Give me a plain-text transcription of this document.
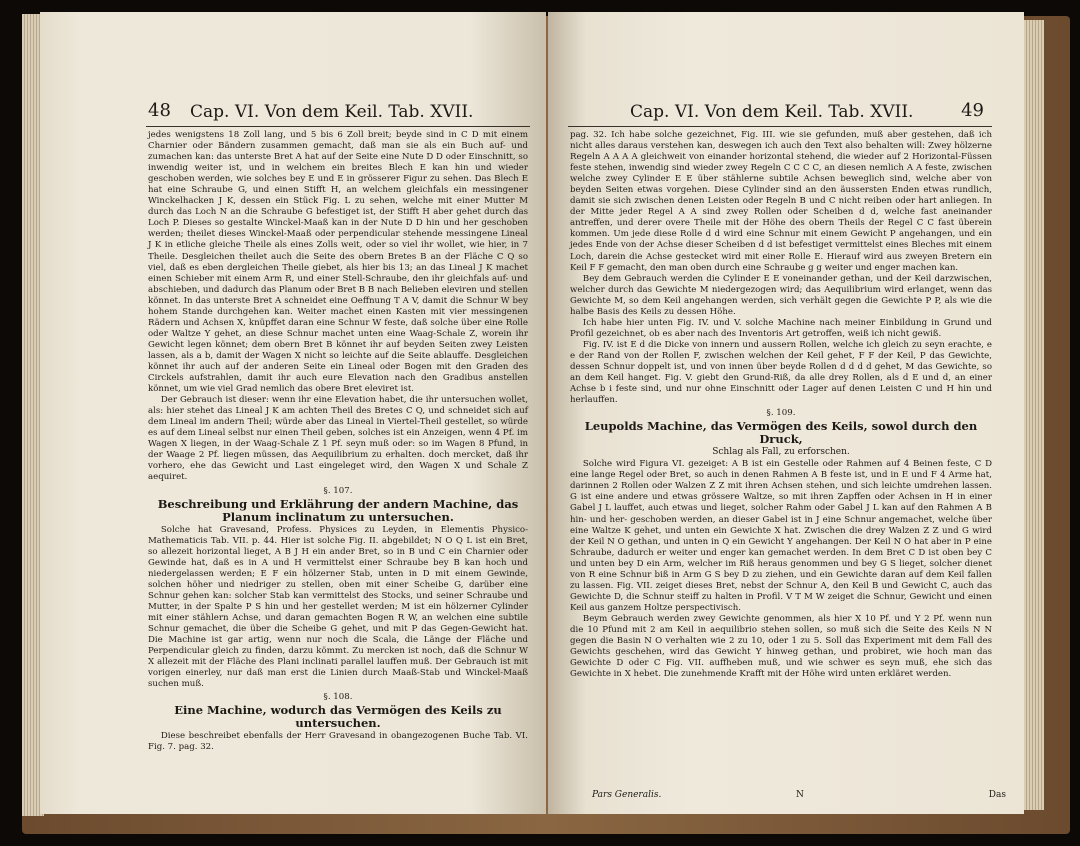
48 Cap. VI. Von dem Keil. Tab. XVII.

jedes wenigstens 18 Zoll lang, und 5 bis 6 Zoll breit; beyde sind in C D mit einem Charnier oder Bändern zusammen gemacht, daß man sie als ein Buch auf- und zumachen kan: das unterste Bret A hat auf der Seite eine Nute D D oder Einschnitt, so inwendig weiter ist, und in welchem ein breites Blech E kan hin und wieder geschoben werden, wie solches bey E und E in grösserer Figur zu sehen. Das Blech E hat eine Schraube G, und einen Stifft H, an welchem gleichfals ein messingener Winckelhacken J K, dessen ein Stück Fig. L zu sehen, welche mit einer Mutter M durch das Loch N an die Schraube G befestiget ist, der Stifft H aber gehet durch das Loch P. Dieses so gestalte Winckel-Maaß kan in der Nute D D hin und her geschoben werden; theilet dieses Winckel-Maaß oder perpendicular stehende messingene Lineal J K in etliche gleiche Theile als eines Zolls weit, oder so viel ihr wollet, wie hier, in 7 Theile. Desgleichen theilet auch die Seite des obern Bretes B an der Fläche C Q so viel, daß es eben dergleichen Theile giebet, als hier bis 13; an das Lineal J K machet einen Schieber mit einem Arm R, und einer Stell-Schraube, den ihr gleichfals auf- und abschieben, und dadurch das Planum oder Bret B B nach Belieben eleviren und stellen könnet. In das unterste Bret A schneidet eine Oeffnung T A V, damit die Schnur W bey hohem Stande durchgehen kan. Weiter machet einen Kasten mit vier messingenen Rädern und Achsen X, knüpffet daran eine Schnur W feste, daß solche über eine Rolle oder Waltze Y gehet, an diese Schnur machet unten eine Waag-Schale Z, worein ihr Gewicht legen könnet; dem obern Bret B könnet ihr auf beyden Seiten zwey Leisten lassen, als a b, damit der Wagen X nicht so leichte auf die Seite ablauffe. Desgleichen könnet ihr auch auf der anderen Seite ein Lineal oder Bogen mit den Graden des Circkels aufstrahlen, damit ihr auch eure Elevation nach den Gradibus anstellen könnet, um wie viel Grad nemlich das obere Bret eleviret ist.

Der Gebrauch ist dieser: wenn ihr eine Elevation habet, die ihr untersuchen wollet, als: hier stehet das Lineal J K am achten Theil des Bretes C Q, und schneidet sich auf dem Lineal im andern Theil; würde aber das Lineal in Viertel-Theil gestellet, so würde es auf dem Lineal selbst nur einen Theil geben, solches ist ein Anzeigen, wenn 4 Pf. im Wagen X liegen, in der Waag-Schale Z 1 Pf. seyn muß oder: so im Wagen 8 Pfund, in der Waage 2 Pf. liegen müssen, das Aequilibrium zu erhalten. doch mercket, daß ihr vorhero, ehe das Gewicht und Last eingeleget wird, den Wagen X und Schale Z aequiret.

§. 107.
Beschreibung und Erklährung der andern Machine, das Planum inclinatum zu untersuchen.

Solche hat Gravesand, Profess. Physices zu Leyden, in Elementis Physico-Mathematicis Tab. VII. p. 44. Hier ist solche Fig. II. abgebildet; N O Q L ist ein Bret, so allezeit horizontal lieget, A B J H ein ander Bret, so in B und C ein Charnier oder Gewinde hat, daß es in A und H vermittelst einer Schraube bey B kan hoch und niedergelassen werden; E F ein hölzerner Stab, unten in D mit einem Gewinde, solchen höher und niedriger zu stellen, oben mit einer Scheibe G, darüber eine Schnur gehen kan: solcher Stab kan vermittelst des Stocks, und seiner Schraube und Mutter, in der Spalte P S hin und her gestellet werden; M ist ein hölzerner Cylinder mit einer stählern Achse, und daran gemachten Bogen R W, an welchen eine subtile Schnur gemachet, die über die Scheibe G gehet, und mit P das Gegen-Gewicht hat. Die Machine ist gar artig, wenn nur noch die Scala, die Länge der Fläche und Perpendicular gleich zu finden, darzu kömmt. Zu mercken ist noch, daß die Schnur W X allezeit mit der Fläche des Plani inclinati parallel lauffen muß. Der Gebrauch ist mit vorigen einerley, nur daß man erst die Linien durch Maaß-Stab und Winckel-Maaß suchen muß.

§. 108.
Eine Machine, wodurch das Vermögen des Keils zu untersuchen.

Diese beschreibet ebenfalls der Herr Gravesand in obangezogenen Buche Tab. VI. Fig. 7. pag. 32.

Cap. VI. Von dem Keil. Tab. XVII.	49

pag. 32. Ich habe solche gezeichnet, Fig. III. wie sie gefunden, muß aber gestehen, daß ich nicht alles daraus verstehen kan, deswegen ich auch den Text also behalten will: Zwey hölzerne Regeln A A A A gleichweit von einander horizontal stehend, die wieder auf 2 Horizontal-Füssen feste stehen, inwendig sind wieder zwey Regeln C C C C, an diesen nemlich A A feste, zwischen welche zwey Cylinder E E über stählerne subtile Achsen beweglich sind, welche aber von beyden Seiten etwas vorgehen. Diese Cylinder sind an den äussersten Enden etwas rundlich, damit sie sich zwischen denen Leisten oder Regeln B und C nicht reiben oder hart anliegen. In der Mitte jeder Regel A A sind zwey Rollen oder Scheiben d d, welche fast aneinander antreffen, und derer overe Theile mit der Höhe des obern Theils der Regel C C fast überein kommen. Um jede diese Rolle d d wird eine Schnur mit einem Gewicht P angehangen, und ein jedes Ende von der Achse dieser Scheiben d d ist befestiget vermittelst eines Bleches mit einem Loch, darein die Achse gestecket wird mit einer Rolle E. Hierauf wird aus zweyen Bretern ein Keil F F gemacht, den man oben durch eine Schraube g g weiter und enger machen kan.

Bey dem Gebrauch werden die Cylinder E E voneinander gethan, und der Keil darzwischen, welcher durch das Gewichte M niedergezogen wird; das Aequilibrium wird erlanget, wenn das Gewichte M, so dem Keil angehangen werden, sich verhält gegen die Gewichte P P, als wie die halbe Basis des Keils zu dessen Höhe.

Ich habe hier unten Fig. IV. und V. solche Machine nach meiner Einbildung in Grund und Profil gezeichnet, ob es aber nach des Inventoris Art getroffen, weiß ich nicht gewiß.

Fig. IV. ist E d die Dicke von innern und aussern Rollen, welche ich gleich zu seyn erachte, e e der Rand von der Rollen F, zwischen welchen der Keil gehet, F F der Keil, P das Gewichte, dessen Schnur doppelt ist, und von innen über beyde Rollen d d d d gehet, M das Gewichte, so an dem Keil hanget. Fig. V. giebt den Grund-Riß, da alle drey Rollen, als d E und d, an einer Achse b i feste sind, und nur ohne Einschnitt oder Lager auf denen Leisten C und H hin und herlauffen.

§. 109.
Leupolds Machine, das Vermögen des Keils, sowol durch den Druck,
Schlag als Fall, zu erforschen.

Solche wird Figura VI. gezeiget: A B ist ein Gestelle oder Rahmen auf 4 Beinen feste, C D eine lange Regel oder Bret, so auch in denen Rahmen A B feste ist, und in E und F 4 Arme hat, darinnen 2 Rollen oder Walzen Z Z mit ihren Achsen stehen, und sich leichte umdrehen lassen. G ist eine andere und etwas grössere Waltze, so mit ihren Zapffen oder Achsen in H in einer Gabel J L lauffet, auch etwas und lieget, solcher Rahm oder Gabel J L kan auf den Rahmen A B hin- und her- geschoben werden, an dieser Gabel ist in J eine Schnur angemachet, welche über eine Waltze K gehet, und unten ein Gewichte X hat. Zwischen die drey Walzen Z Z und G wird der Keil N O gethan, und unten in Q ein Gewicht Y angehangen. Der Keil N O hat aber in P eine Schraube, dadurch er weiter und enger kan gemachet werden. In dem Bret C D ist oben bey C und unten bey D ein Arm, welcher im Riß heraus genommen und bey G S lieget, solcher dienet von R eine Schnur biß in Arm G S bey D zu ziehen, und ein Gewichte daran auf dem Keil fallen zu lassen. Fig. VII. zeiget dieses Bret, nebst der Schnur A, den Keil B und Gewicht C, auch das Gewichte D, die Schnur steiff zu halten in Profil. V T M W zeiget die Schnur, Gewicht und einen Keil aus ganzem Holtze perspectivisch.

Beym Gebrauch werden zwey Gewichte genommen, als hier X 10 Pf. und Y 2 Pf. wenn nun die 10 Pfund mit 2 am Keil in aequilibrio stehen sollen, so muß sich die Seite des Keils N N gegen die Basin N O verhalten wie 2 zu 10, oder 1 zu 5. Soll das Experiment mit dem Fall des Gewichts geschehen, wird das Gewicht Y hinweg gethan, und probiret, wie hoch man das Gewichte D oder C Fig. VII. auffheben muß, und wie schwer es seyn muß, ehe sich das Gewichte in X hebet. Die zunehmende Krafft mit der Höhe wird unten erkläret werden.

Pars Generalis.	N	Das
